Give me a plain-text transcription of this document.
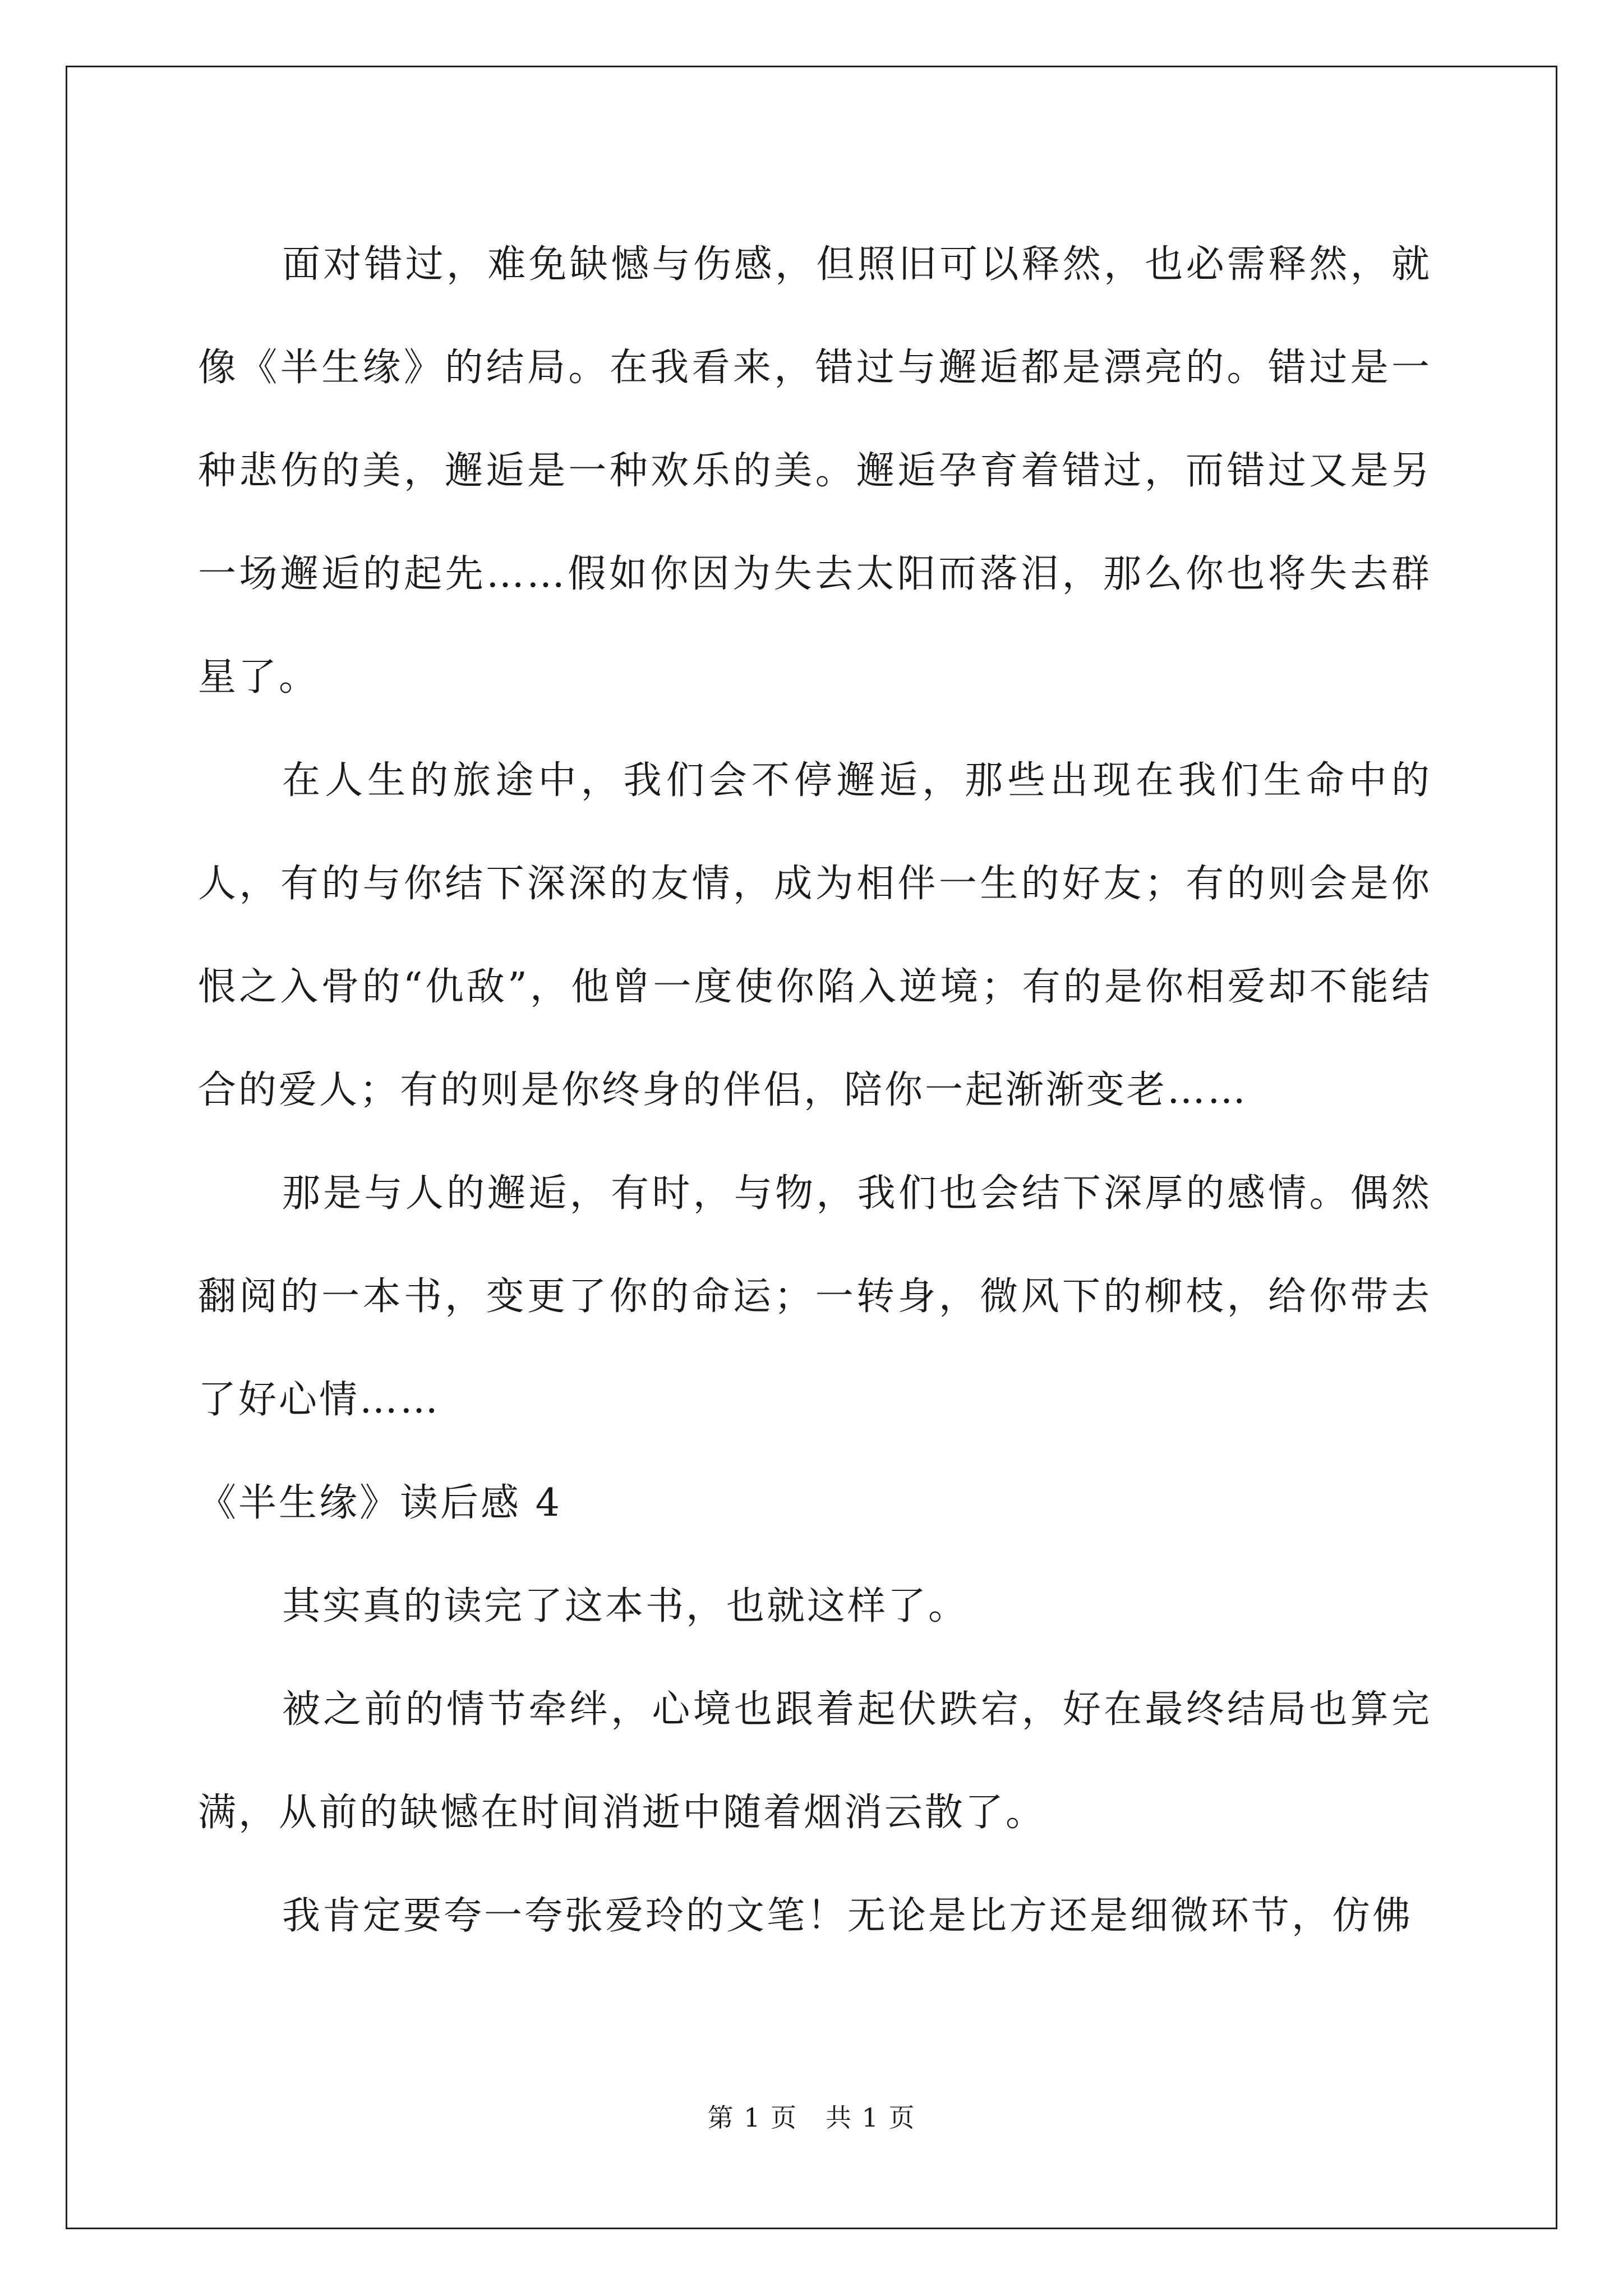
面对错过，难免缺憾与伤感，但照旧可以释然，也必需释然，就像《半生缘》的结局。在我看来，错过与邂逅都是漂亮的。错过是一种悲伤的美，邂逅是一种欢乐的美。邂逅孕育着错过，而错过又是另一场邂逅的起先……假如你因为失去太阳而落泪，那么你也将失去群星了。

在人生的旅途中，我们会不停邂逅，那些出现在我们生命中的人，有的与你结下深深的友情，成为相伴一生的好友；有的则会是你恨之入骨的“仇敌”，他曾一度使你陷入逆境；有的是你相爱却不能结合的爱人；有的则是你终身的伴侣，陪你一起渐渐变老……

那是与人的邂逅，有时，与物，我们也会结下深厚的感情。偶然翻阅的一本书，变更了你的命运；一转身，微风下的柳枝，给你带去了好心情……

《半生缘》读后感 4

其实真的读完了这本书，也就这样了。

被之前的情节牵绊，心境也跟着起伏跌宕，好在最终结局也算完满，从前的缺憾在时间消逝中随着烟消云散了。

我肯定要夸一夸张爱玲的文笔！无论是比方还是细微环节，仿佛

第 1 页 共 1 页
